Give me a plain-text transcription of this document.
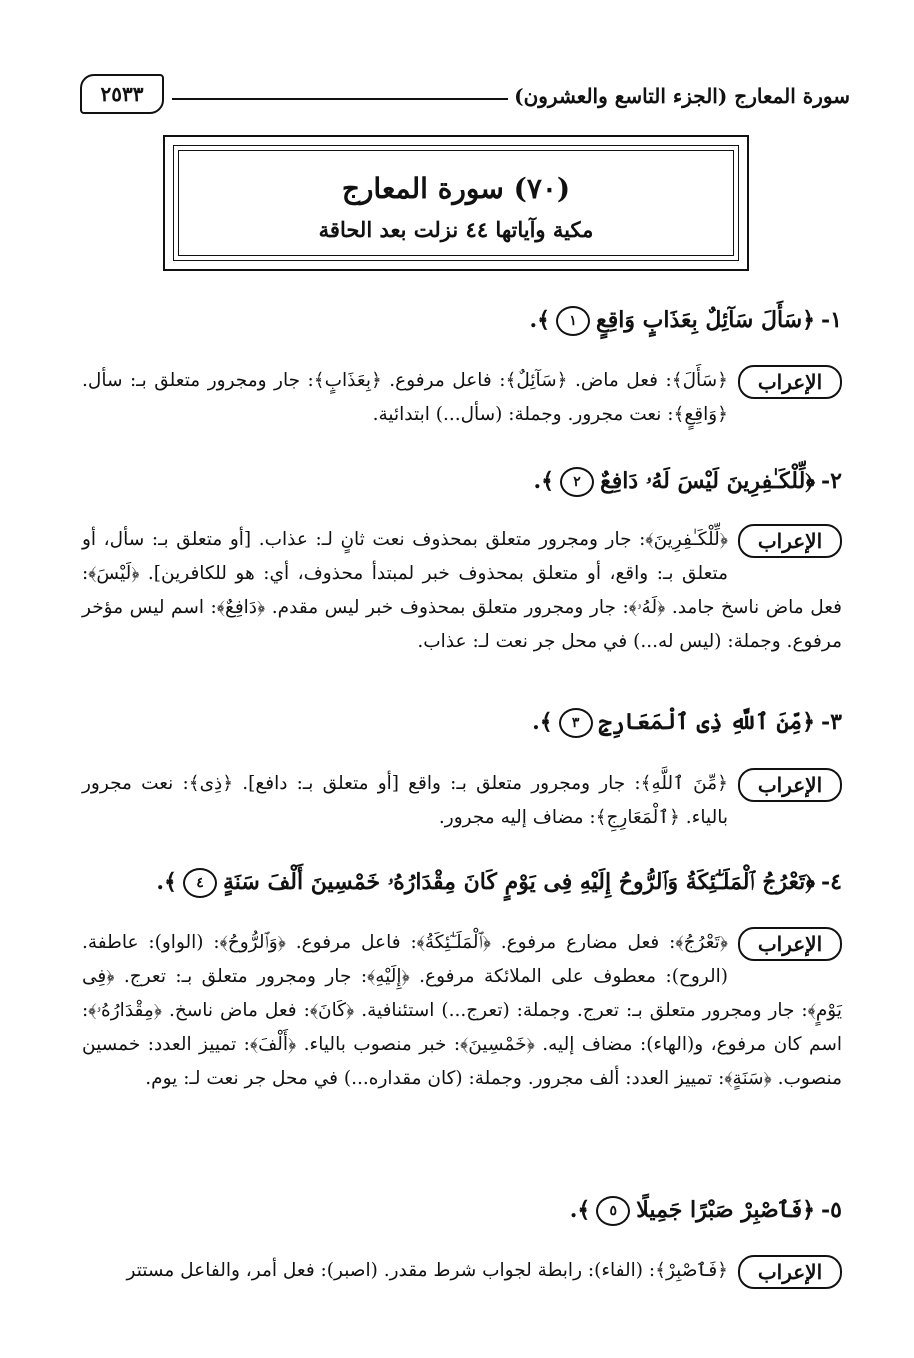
سورة المعارج (الجزء التاسع والعشرون)
٢٥٣٣
(٧٠) سورة المعارج
مكية وآياتها ٤٤ نزلت بعد الحاقة
١-﴿سَأَلَ سَآئِلٌ بِعَذَابٍ وَاقِعٍ١﴾.
الإعراب
﴿سَأَلَ﴾: فعل ماض. ﴿سَآئِلٌ﴾: فاعل مرفوع. ﴿بِعَذَابٍ﴾: جار ومجرور متعلق بـ: سأل. ﴿وَاقِعٍ﴾: نعت مجرور. وجملة: (سأل...) ابتدائية.
٢-﴿لِّلْكَـٰفِرِينَ لَيْسَ لَهُۥ دَافِعٌ٢﴾.
الإعراب
﴿لِّلْكَـٰفِرِينَ﴾: جار ومجرور متعلق بمحذوف نعت ثانٍ لـ: عذاب. [أو متعلق بـ: سأل، أو متعلق بـ: واقع، أو متعلق بمحذوف خبر لمبتدأ محذوف، أي: هو للكافرين]. ﴿لَيْسَ﴾: فعل ماض ناسخ جامد. ﴿لَهُۥ﴾: جار ومجرور متعلق بمحذوف خبر ليس مقدم. ﴿دَافِعٌ﴾: اسم ليس مؤخر مرفوع. وجملة: (ليس له...) في محل جر نعت لـ: عذاب.
٣-﴿مِّنَ ٱللَّهِ ذِى ٱلْمَعَارِجِ٣﴾.
الإعراب
﴿مِّنَ ٱللَّهِ﴾: جار ومجرور متعلق بـ: واقع [أو متعلق بـ: دافع]. ﴿ذِى﴾: نعت مجرور بالياء. ﴿ٱلْمَعَارِجِ﴾: مضاف إليه مجرور.
٤-﴿تَعْرُجُ ٱلْمَلَـٰٓئِكَةُ وَٱلرُّوحُ إِلَيْهِ فِى يَوْمٍ كَانَ مِقْدَارُهُۥ خَمْسِينَ أَلْفَ سَنَةٍ٤﴾.
الإعراب
﴿تَعْرُجُ﴾: فعل مضارع مرفوع. ﴿ٱلْمَلَـٰٓئِكَةُ﴾: فاعل مرفوع. ﴿وَٱلرُّوحُ﴾: (الواو): عاطفة. (الروح): معطوف على الملائكة مرفوع. ﴿إِلَيْهِ﴾: جار ومجرور متعلق بـ: تعرج. ﴿فِى يَوْمٍ﴾: جار ومجرور متعلق بـ: تعرج. وجملة: (تعرج...) استئنافية. ﴿كَانَ﴾: فعل ماض ناسخ. ﴿مِقْدَارُهُۥ﴾: اسم كان مرفوع، و(الهاء): مضاف إليه. ﴿خَمْسِينَ﴾: خبر منصوب بالياء. ﴿أَلْفَ﴾: تمييز العدد: خمسين منصوب. ﴿سَنَةٍ﴾: تمييز العدد: ألف مجرور. وجملة: (كان مقداره...) في محل جر نعت لـ: يوم.
٥-﴿فَٱصْبِرْ صَبْرًا جَمِيلًا٥﴾.
الإعراب
﴿فَٱصْبِرْ﴾: (الفاء): رابطة لجواب شرط مقدر. (اصبر): فعل أمر، والفاعل مستتر
